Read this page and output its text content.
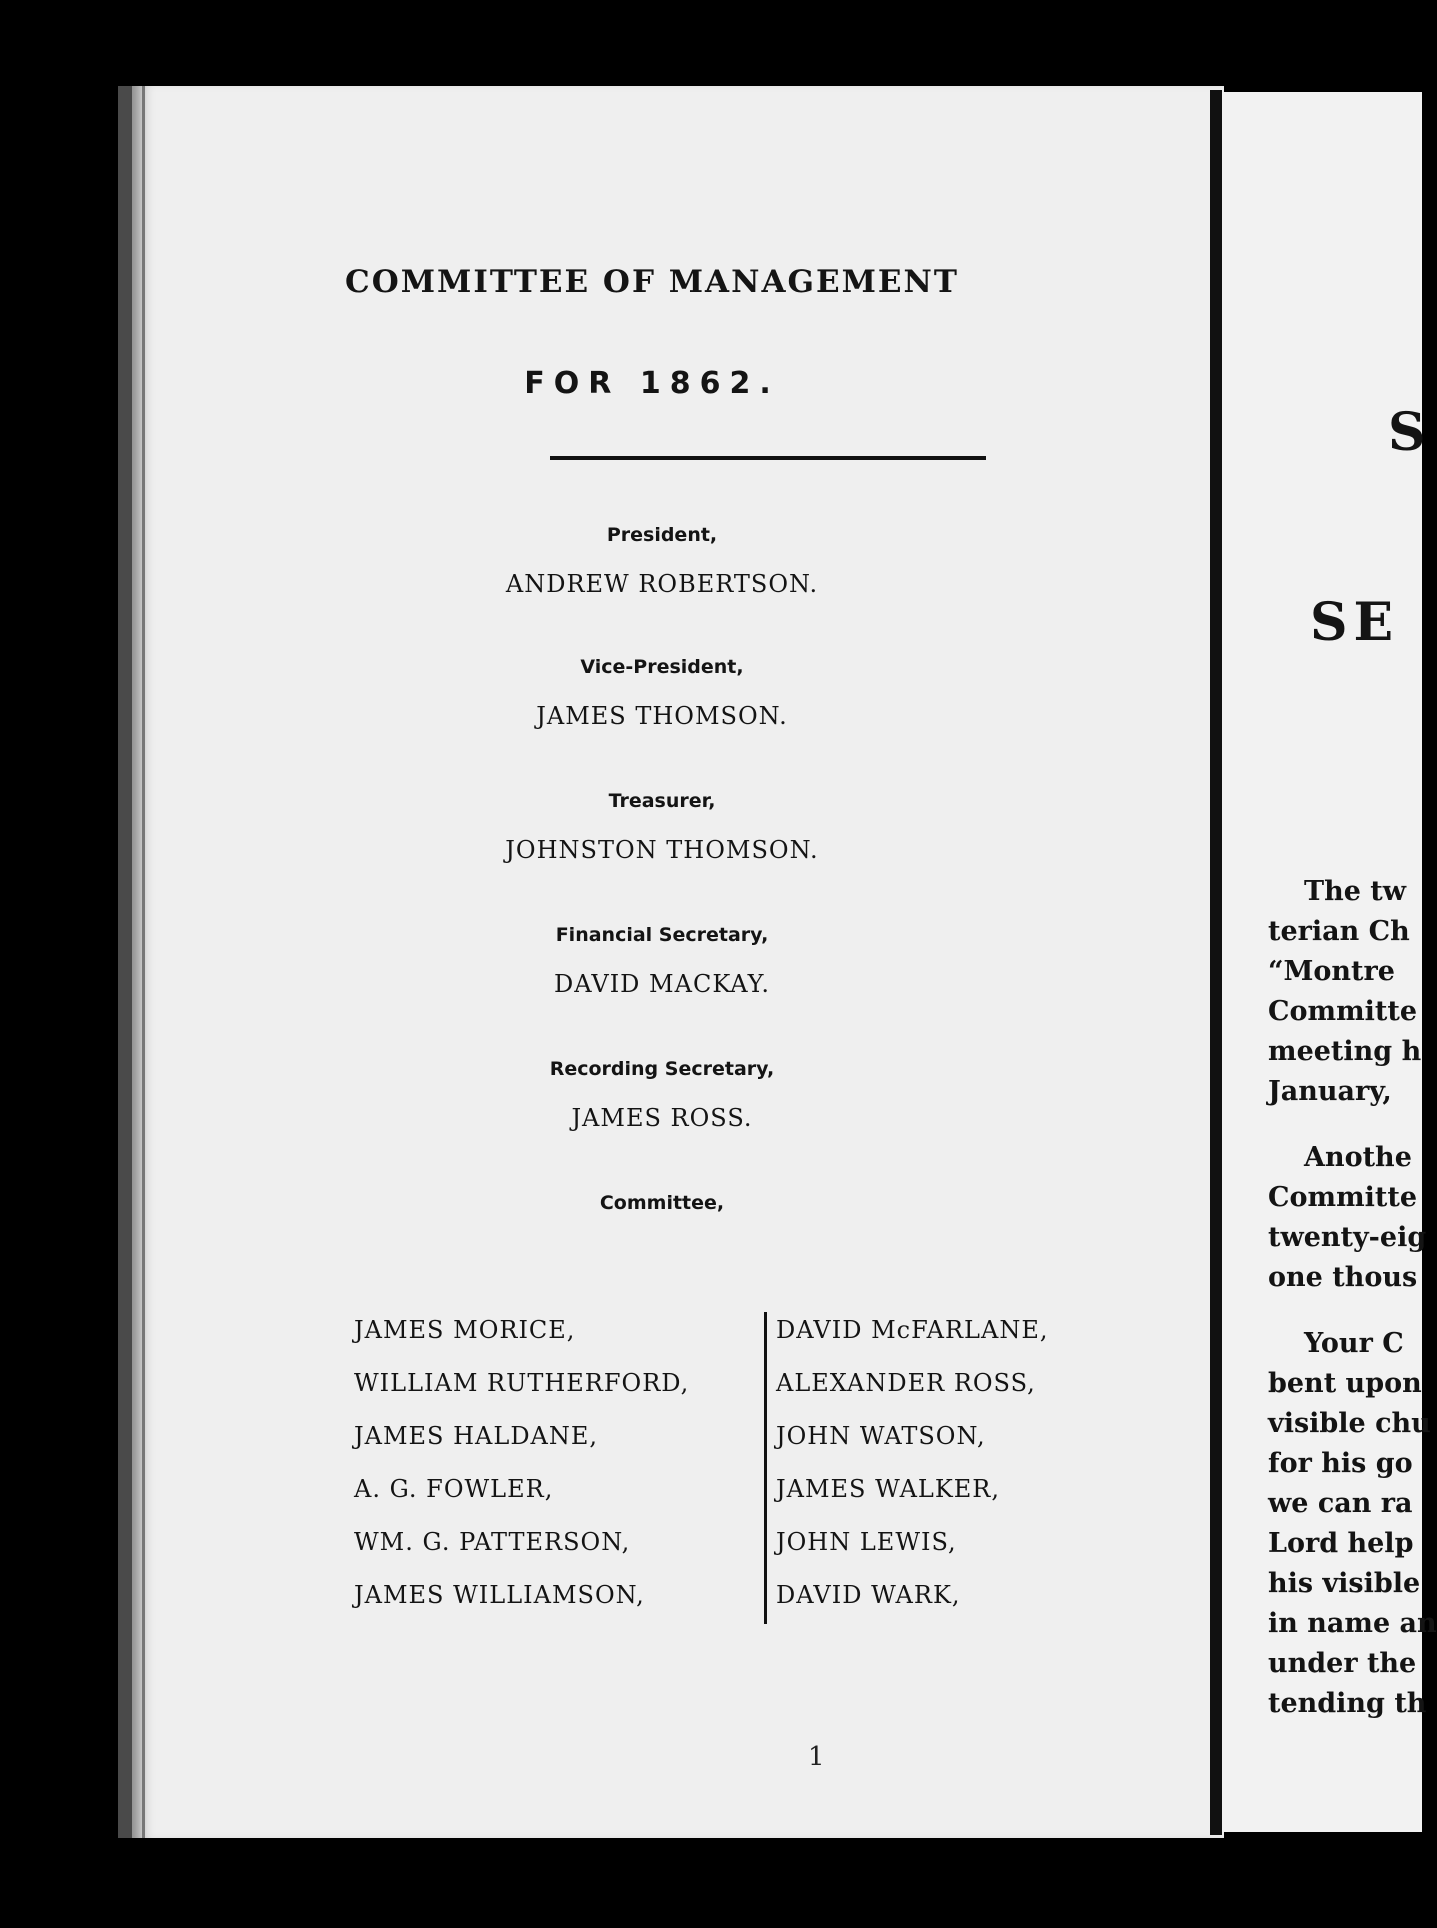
COMMITTEE OF MANAGEMENT
FOR 1862.
President,
ANDREW ROBERTSON.
Vice-President,
JAMES THOMSON.
Treasurer,
JOHNSTON THOMSON.
Financial Secretary,
DAVID MACKAY.
Recording Secretary,
JAMES ROSS.
Committee,
JAMES MORICE,
WILLIAM RUTHERFORD,
JAMES HALDANE,
A. G. FOWLER,
WM. G. PATTERSON,
JAMES WILLIAMSON,
DAVID McFARLANE,
ALEXANDER ROSS,
JOHN WATSON,
JAMES WALKER,
JOHN LEWIS,
DAVID WARK,
1
S
SE
The tw
terian Ch
“Montre
Committe
meeting h
January,
Anothe
Committe
twenty-eig
one thous
Your C
bent upon
visible chu
for his go
we can ra
Lord help
his visible
in name an
under the
tending th
